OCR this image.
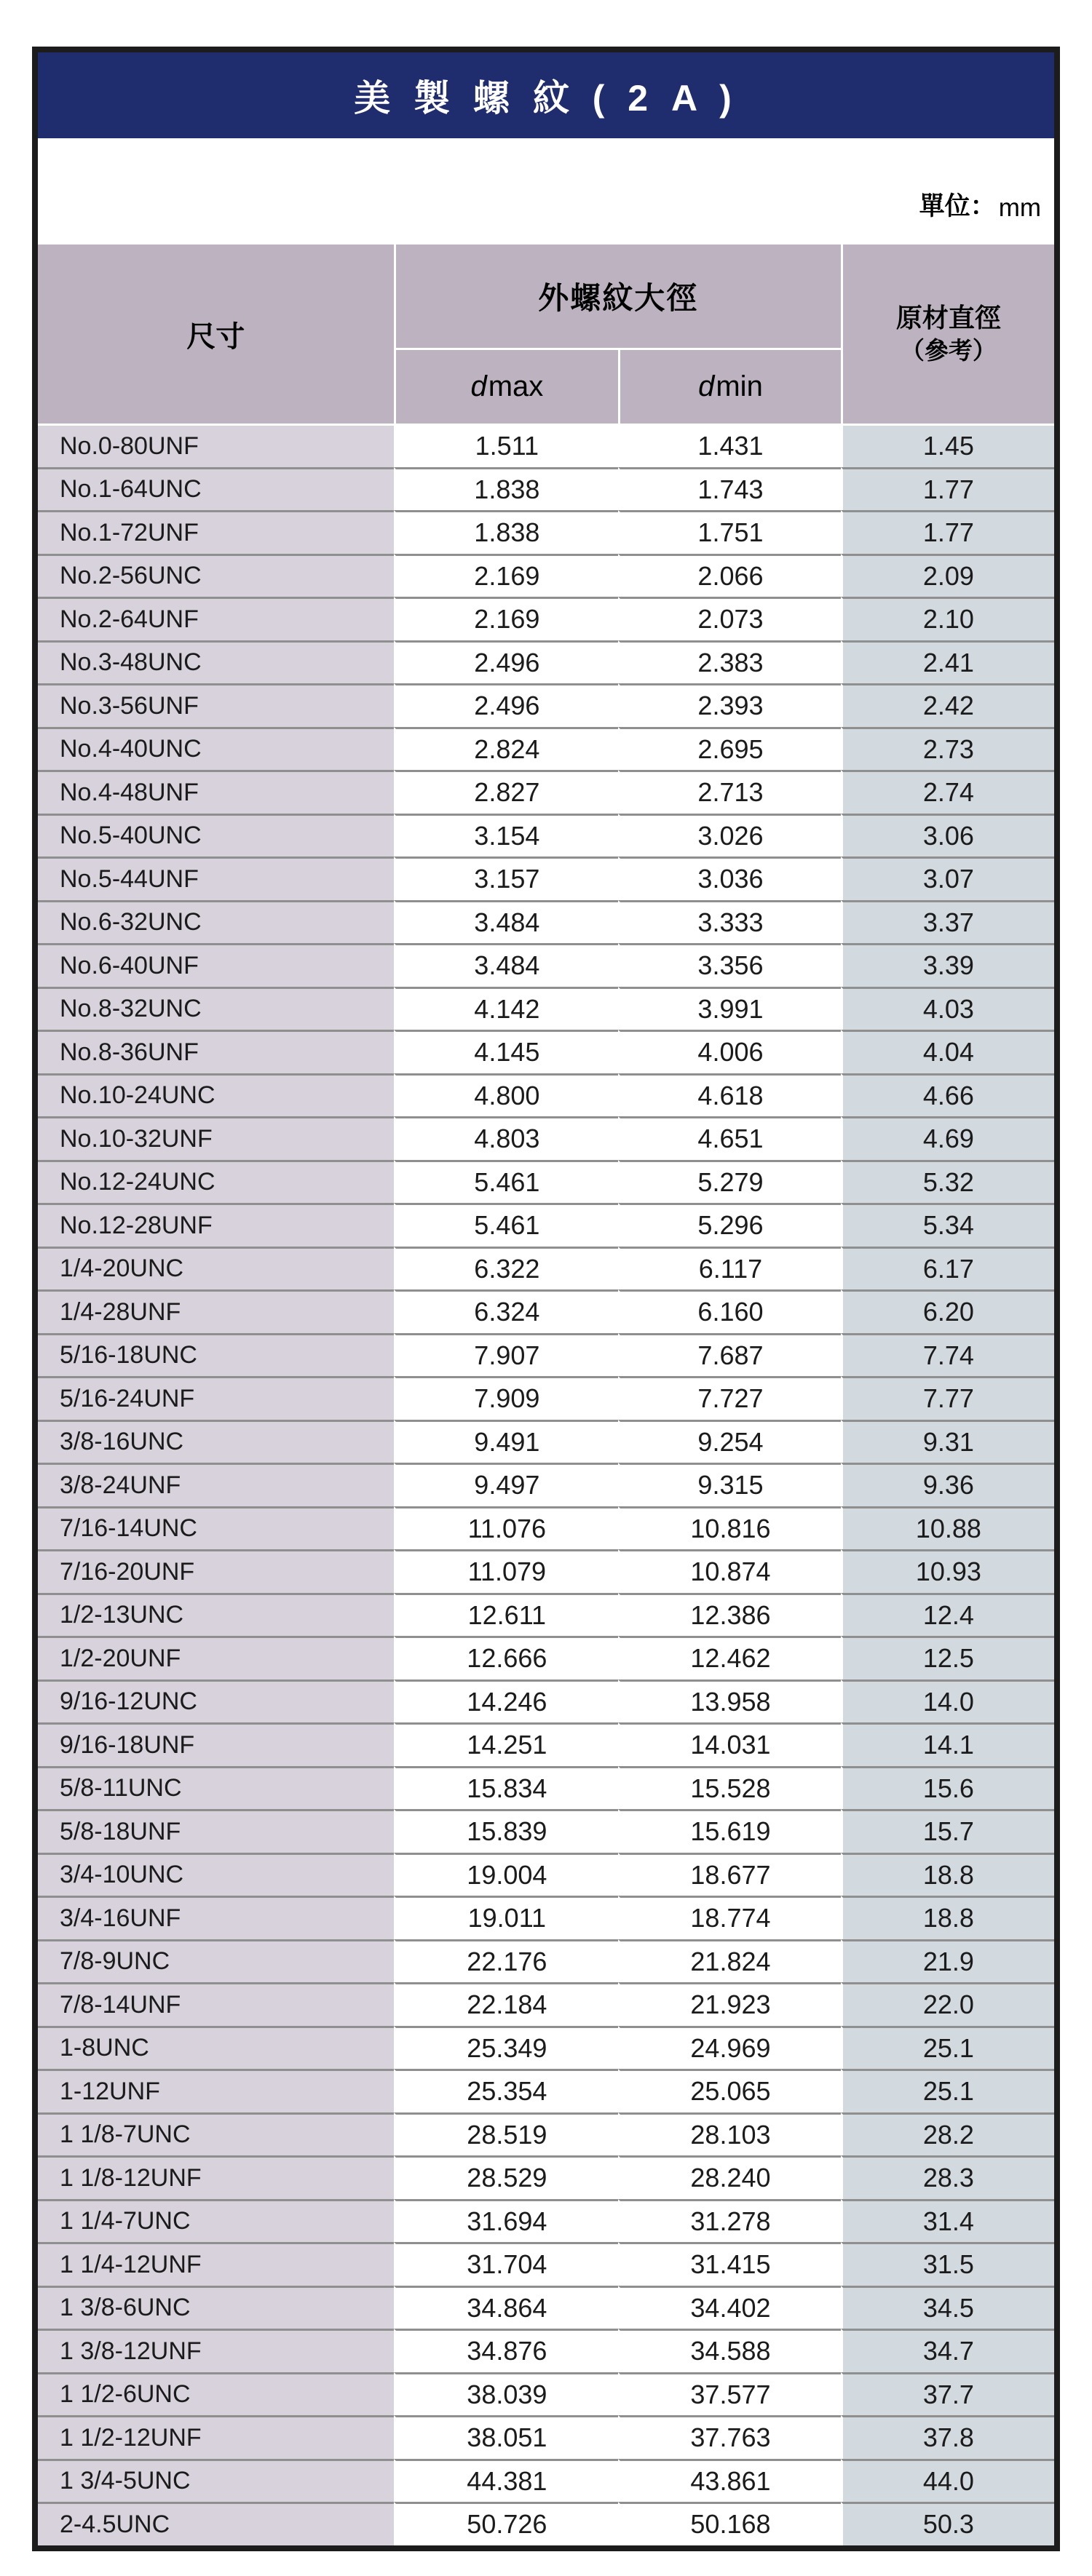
美 製 螺 紋 ( 2 A )
單位： mm
尺寸	外螺紋大徑		原材直徑
（參考）

	dmax	dmin	
No.0-80UNF	1.511	1.431	1.45
No.1-64UNC	1.838	1.743	1.77
No.1-72UNF	1.838	1.751	1.77
No.2-56UNC	2.169	2.066	2.09
No.2-64UNF	2.169	2.073	2.10
No.3-48UNC	2.496	2.383	2.41
No.3-56UNF	2.496	2.393	2.42
No.4-40UNC	2.824	2.695	2.73
No.4-48UNF	2.827	2.713	2.74
No.5-40UNC	3.154	3.026	3.06
No.5-44UNF	3.157	3.036	3.07
No.6-32UNC	3.484	3.333	3.37
No.6-40UNF	3.484	3.356	3.39
No.8-32UNC	4.142	3.991	4.03
No.8-36UNF	4.145	4.006	4.04
No.10-24UNC	4.800	4.618	4.66
No.10-32UNF	4.803	4.651	4.69
No.12-24UNC	5.461	5.279	5.32
No.12-28UNF	5.461	5.296	5.34
1/4-20UNC	6.322	6.117	6.17
1/4-28UNF	6.324	6.160	6.20
5/16-18UNC	7.907	7.687	7.74
5/16-24UNF	7.909	7.727	7.77
3/8-16UNC	9.491	9.254	9.31
3/8-24UNF	9.497	9.315	9.36
7/16-14UNC	11.076	10.816	10.88
7/16-20UNF	11.079	10.874	10.93
1/2-13UNC	12.611	12.386	12.4
1/2-20UNF	12.666	12.462	12.5
9/16-12UNC	14.246	13.958	14.0
9/16-18UNF	14.251	14.031	14.1
5/8-11UNC	15.834	15.528	15.6
5/8-18UNF	15.839	15.619	15.7
3/4-10UNC	19.004	18.677	18.8
3/4-16UNF	19.011	18.774	18.8
7/8-9UNC	22.176	21.824	21.9
7/8-14UNF	22.184	21.923	22.0
1-8UNC	25.349	24.969	25.1
1-12UNF	25.354	25.065	25.1
1 1/8-7UNC	28.519	28.103	28.2
1 1/8-12UNF	28.529	28.240	28.3
1 1/4-7UNC	31.694	31.278	31.4
1 1/4-12UNF	31.704	31.415	31.5
1 3/8-6UNC	34.864	34.402	34.5
1 3/8-12UNF	34.876	34.588	34.7
1 1/2-6UNC	38.039	37.577	37.7
1 1/2-12UNF	38.051	37.763	37.8
1 3/4-5UNC	44.381	43.861	44.0
2-4.5UNC	50.726	50.168	50.3
